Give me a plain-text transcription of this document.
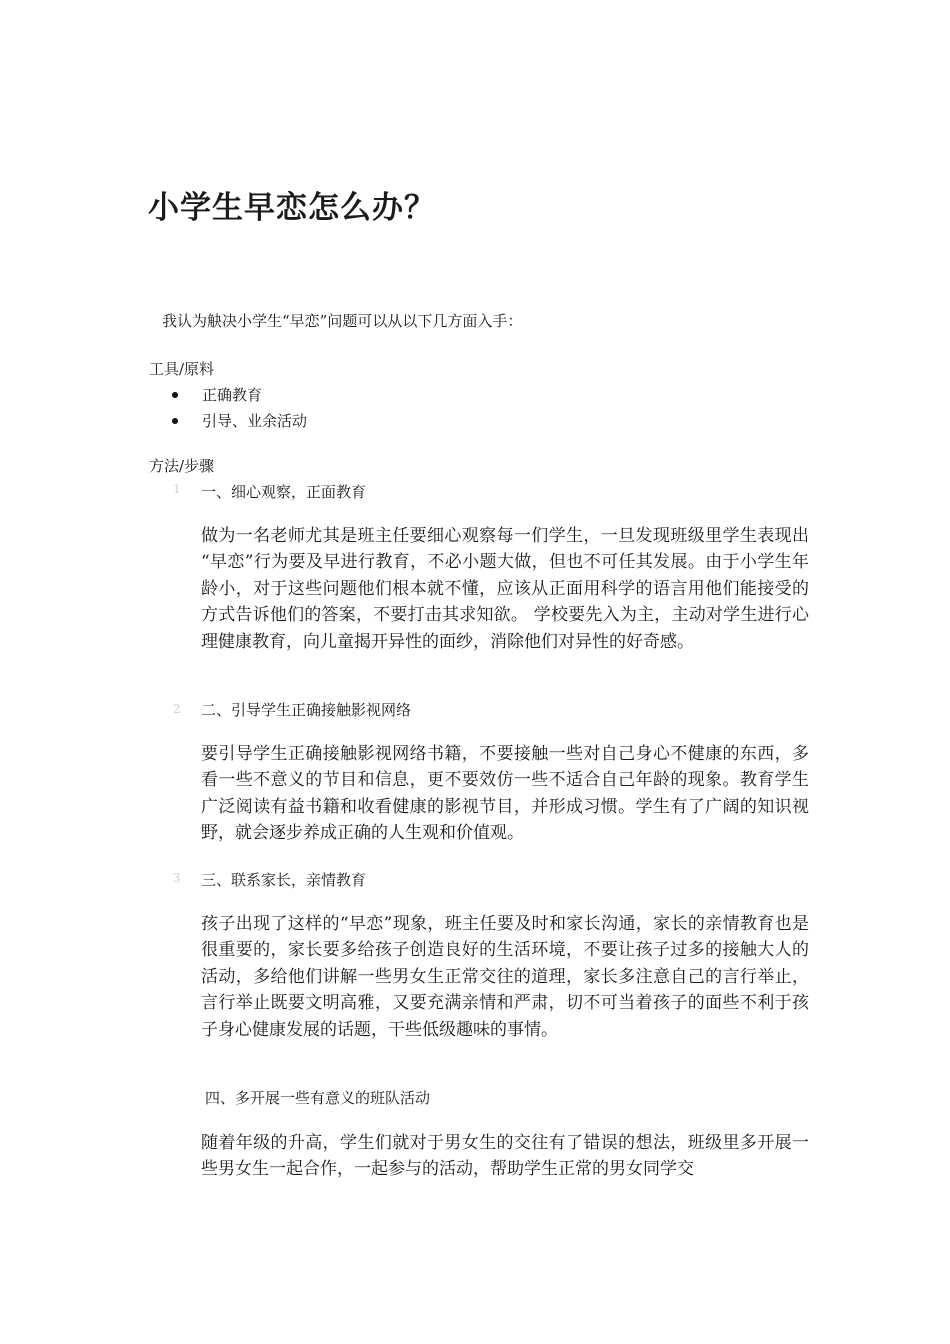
小学生早恋怎么办？
我认为觖决小学生“早恋”问题可以从以下几方面入手：
工具/原料
正确教育
引导、业余活动
方法/步骤
1 一、细心观察，正面教育

做为一名老师尤其是班主任要细心观察每一们学生，一旦发现班级里学生表现出 “早恋”行为要及早进行教育，不必小题大做，但也不可任其发展。由于小学生年龄小，对于这些问题他们根本就不懂，应该从正面用科学的语言用他们能接受的方式告诉他们的答案，不要打击其求知欲。 学校要先入为主，主动对学生进行心理健康教育，向儿童揭开异性的面纱，消除他们对异性的好奇感。

2 二、引导学生正确接触影视网络

要引导学生正确接触影视网络书籍，不要接触一些对自己身心不健康的东西，多看一些不意义的节目和信息，更不要效仿一些不适合自己年龄的现象。教育学生广泛阅读有益书籍和收看健康的影视节目，并形成习惯。学生有了广阔的知识视野，就会逐步养成正确的人生观和价值观。

3 三、联系家长，亲情教育

孩子出现了这样的“早恋”现象，班主任要及时和家长沟通，家长的亲情教育也是很重要的，家长要多给孩子创造良好的生活环境，不要让孩子过多的接触大人的活动，多给他们讲解一些男女生正常交往的道理，家长多注意自己的言行举止，言行举止既要文明高雅，又要充满亲情和严肃，切不可当着孩子的面些不利于孩子身心健康发展的话题，干些低级趣味的事情。

四、多开展一些有意义的班队活动

随着年级的升高，学生们就对于男女生的交往有了错误的想法，班级里多开展一些男女生一起合作，一起参与的活动，帮助学生正常的男女同学交
